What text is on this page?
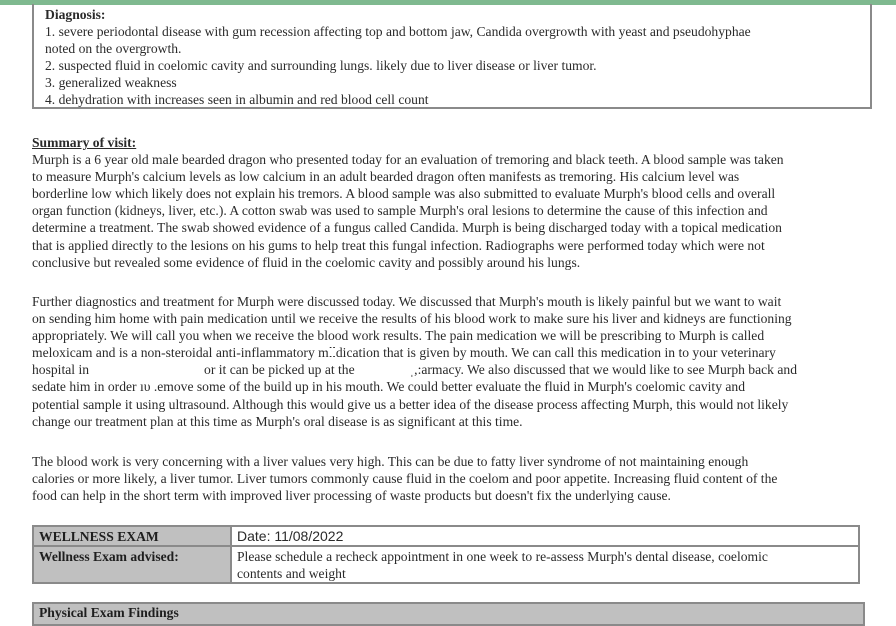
Diagnosis:
1. severe periodontal disease with gum recession affecting top and bottom jaw, Candida overgrowth with yeast and pseudohyphae
noted on the overgrowth.
2. suspected fluid in coelomic cavity and surrounding lungs. likely due to liver disease or liver tumor.
3. generalized weakness
4. dehydration with increases seen in albumin and red blood cell count
Summary of visit:
Murph is a 6 year old male bearded dragon who presented today for an evaluation of tremoring and black teeth. A blood sample was taken
to measure Murph's calcium levels as low calcium in an adult bearded dragon often manifests as tremoring. His calcium level was
borderline low which likely does not explain his tremors. A blood sample was also submitted to evaluate Murph's blood cells and overall
organ function (kidneys, liver, etc.). A cotton swab was used to sample Murph's oral lesions to determine the cause of this infection and
determine a treatment. The swab showed evidence of a fungus called Candida. Murph is being discharged today with a topical medication
that is applied directly to the lesions on his gums to help treat this fungal infection. Radiographs were performed today which were not
conclusive but revealed some evidence of fluid in the coelomic cavity and possibly around his lungs.
Further diagnostics and treatment for Murph were discussed today. We discussed that Murph's mouth is likely painful but we want to wait
on sending him home with pain medication until we receive the results of his blood work to make sure his liver and kidneys are functioning
appropriately. We will call you when we receive the blood work results. The pain medication we will be prescribing to Murph is called
meloxicam and is a non-steroidal anti-inflammatory mⵆdication that is given by mouth. We can call this medication in to your veterinary
hospital in	or it can be picked up at the	ˌ,:armacy. We also discussed that we would like to see Murph back and
sedate him in order ıυ .emove some of the build up in his mouth. We could better evaluate the fluid in Murph's coelomic cavity and
potential sample it using ultrasound. Although this would give us a better idea of the disease process affecting Murph, this would not likely
change our treatment plan at this time as Murph's oral disease is as significant at this time.
The blood work is very concerning with a liver values very high. This can be due to fatty liver syndrome of not maintaining enough
calories or more likely, a liver tumor. Liver tumors commonly cause fluid in the coelom and poor appetite. Increasing fluid content of the
food can help in the short term with improved liver processing of waste products but doesn't fix the underlying cause.
WELLNESS EXAM	Date: 11/08/2022
Wellness Exam advised:	Please schedule a recheck appointment in one week to re-assess Murph's dental disease, coelomic
contents and weight
Physical Exam Findings
